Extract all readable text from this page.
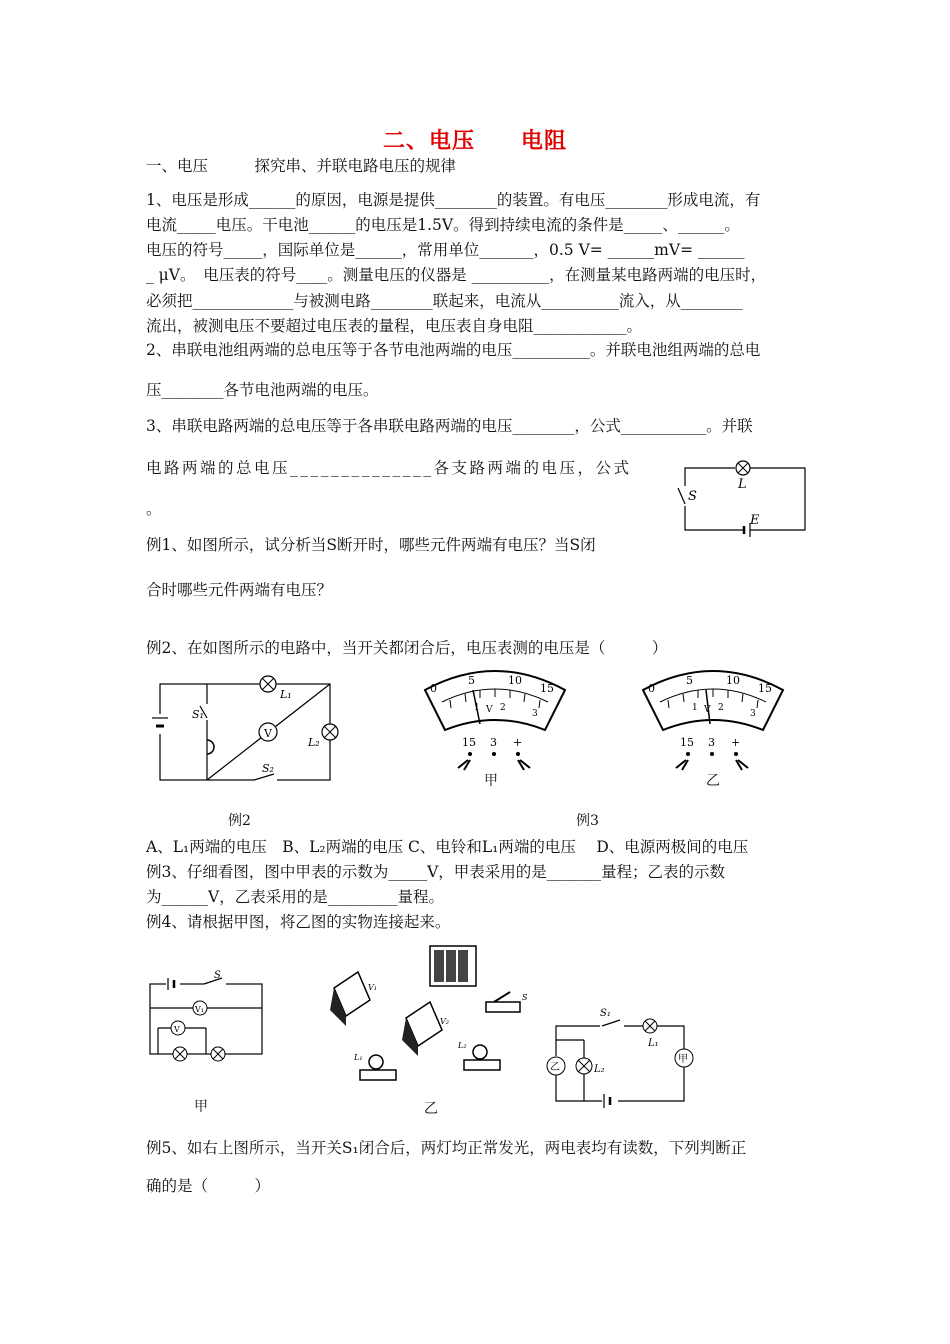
二、电压　　电阻
一、电压　　　探究串、并联电路电压的规律
1、电压是形成______的原因，电源是提供________的装置。有电压________形成电流，有
电流_____电压。干电池______的电压是1.5V。得到持续电流的条件是_____、______。
电压的符号_____，国际单位是______，常用单位_______，0.5 V= ______mV= ______
_ μV。　电压表的符号____。测量电压的仪器是 __________，在测量某电路两端的电压时，
必须把_____________与被测电路________联起来，电流从__________流入，从________
流出，被测电压不要超过电压表的量程，电压表自身电阻____________。
2、串联电池组两端的总电压等于各节电池两端的电压__________。并联电池组两端的总电
压________各节电池两端的电压。
3、串联电路两端的总电压等于各串联电路两端的电压________，公式___________。并联
电路两端的总电压______________各支路两端的电压，公式
。
例1、如图所示，试分析当S断开时，哪些元件两端有电压？当S闭
合时哪些元件两端有电压？
例2、在如图所示的电路中，当开关都闭合后，电压表测的电压是（　　　）
S
L
E
V
S₁
L₁
L₂
S₂
0
5	10
15
1 V 2
3
15 3 +
甲
0
5	10
15
1 V 2
3
15 3 +
乙
例2	例3
A、L₁两端的电压　B、L₂两端的电压 C、电铃和L₁两端的电压　 D、电源两极间的电压
例3、仔细看图，图中甲表的示数为_____V，甲表采用的是_______量程；乙表的示数
为______V，乙表采用的是_________量程。
例4、请根据甲图，将乙图的实物连接起来。
V₁
V
S
甲
V₁
V₂
S
L₁
L₂
乙
乙
甲
S₁
L₁
L₂
例5、如右上图所示，当开关S₁闭合后，两灯均正常发光，两电表均有读数，下列判断正
确的是（　　　）
